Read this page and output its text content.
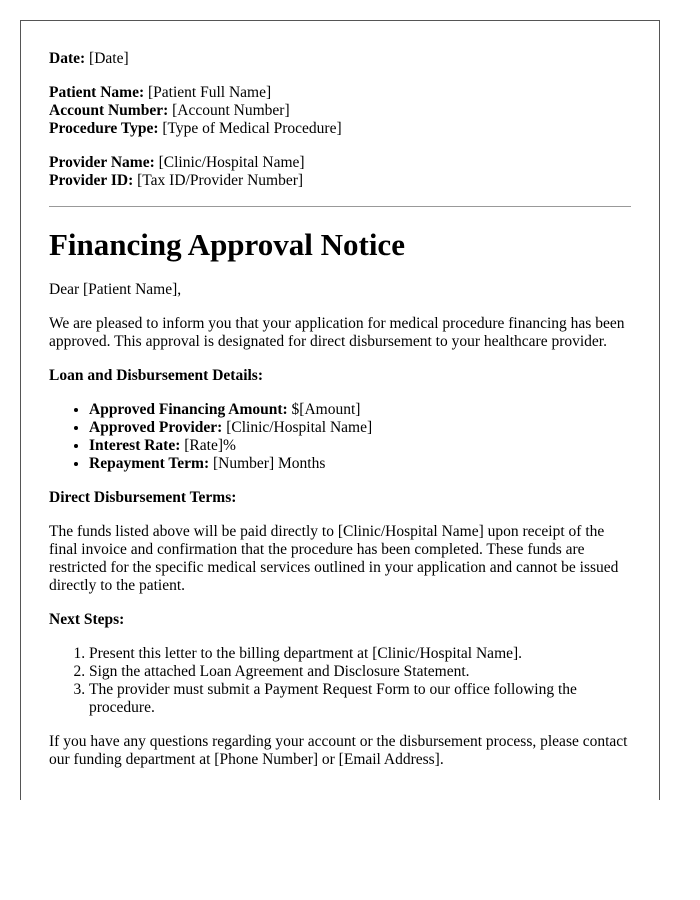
Date: [Date]
Patient Name: [Patient Full Name]
Account Number: [Account Number]
Procedure Type: [Type of Medical Procedure]
Provider Name: [Clinic/Hospital Name]
Provider ID: [Tax ID/Provider Number]
Financing Approval Notice

Dear [Patient Name],

We are pleased to inform you that your application for medical procedure financing has been approved. This approval is designated for direct disbursement to your healthcare provider.

Loan and Disbursement Details:

• Approved Financing Amount: $[Amount]
• Approved Provider: [Clinic/Hospital Name]
• Interest Rate: [Rate]%
• Repayment Term: [Number] Months

Direct Disbursement Terms:

The funds listed above will be paid directly to [Clinic/Hospital Name] upon receipt of the final invoice and confirmation that the procedure has been completed. These funds are restricted for the specific medical services outlined in your application and cannot be issued directly to the patient.

Next Steps:

1. Present this letter to the billing department at [Clinic/Hospital Name].
2. Sign the attached Loan Agreement and Disclosure Statement.
3. The provider must submit a Payment Request Form to our office following the procedure.

If you have any questions regarding your account or the disbursement process, please contact our funding department at [Phone Number] or [Email Address].
